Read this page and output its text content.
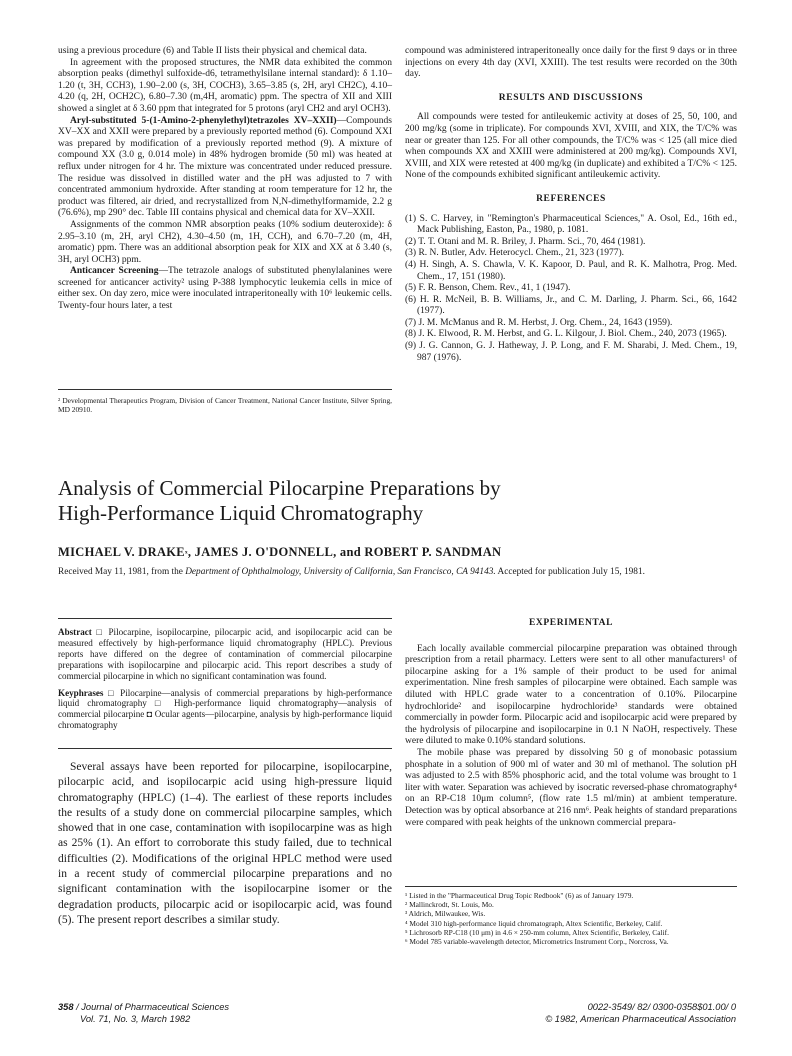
using a previous procedure (6) and Table II lists their physical and chemical data.

In agreement with the proposed structures, the NMR data exhibited the common absorption peaks (dimethyl sulfoxide-d6, tetramethylsilane internal standard): δ 1.10–1.20 (t, 3H, CCH3), 1.90–2.00 (s, 3H, COCH3), 3.65–3.85 (s, 2H, aryl CH2C), 4.10–4.20 (q, 2H, OCH2C), 6.80–7.30 (m,4H, aromatic) ppm. The spectra of XII and XIII showed a singlet at δ 3.60 ppm that integrated for 5 protons (aryl CH2 and aryl OCH3).

Aryl-substituted 5-(1-Amino-2-phenylethyl)tetrazoles XV–XXII)—Compounds XV–XX and XXII were prepared by a previously reported method (6). Compound XXI was prepared by modification of a previously reported method (9). A mixture of compound XX (3.0 g, 0.014 mole) in 48% hydrogen bromide (50 ml) was heated at reflux under nitrogen for 4 hr. The mixture was concentrated under reduced pressure. The residue was dissolved in distilled water and the pH was adjusted to 7 with concentrated ammonium hydroxide. After standing at room temperature for 12 hr, the product was filtered, air dried, and recrystallized from N,N-dimethylformamide, 2.2 g (76.6%), mp 290° dec. Table III contains physical and chemical data for XV–XXII.

Assignments of the common NMR absorption peaks (10% sodium deuteroxide): δ 2.95–3.10 (m, 2H, aryl CH2), 4.30–4.50 (m, 1H, CCH), and 6.70–7.20 (m, 4H, aromatic) ppm. There was an additional absorption peak for XIX and XX at δ 3.40 (s, 3H, aryl OCH3) ppm.

Anticancer Screening—The tetrazole analogs of substituted phenylalanines were screened for anticancer activity² using P-388 lymphocytic leukemia cells in mice of either sex. On day zero, mice were inoculated intraperitoneally with 10⁶ leukemic cells. Twenty-four hours later, a test

² Developmental Therapeutics Program, Division of Cancer Treatment, National Cancer Institute, Silver Spring, MD 20910.

compound was administered intraperitoneally once daily for the first 9 days or in three injections on every 4th day (XVI, XXIII). The test results were recorded on the 30th day.

RESULTS AND DISCUSSIONS

All compounds were tested for antileukemic activity at doses of 25, 50, 100, and 200 mg/kg (some in triplicate). For compounds XVI, XVIII, and XIX, the T/C% was near or greater than 125. For all other compounds, the T/C% was < 125 (all mice died when compounds XX and XXIII were administered at 200 mg/kg). Compounds XVI, XVIII, and XIX were retested at 400 mg/kg (in duplicate) and exhibited a T/C% < 125. None of the compounds exhibited significant antileukemic activity.

REFERENCES

(1) S. C. Harvey, in "Remington's Pharmaceutical Sciences," A. Osol, Ed., 16th ed., Mack Publishing, Easton, Pa., 1980, p. 1081.

(2) T. T. Otani and M. R. Briley, J. Pharm. Sci., 70, 464 (1981).

(3) R. N. Butler, Adv. Heterocycl. Chem., 21, 323 (1977).

(4) H. Singh, A. S. Chawla, V. K. Kapoor, D. Paul, and R. K. Malhotra, Prog. Med. Chem., 17, 151 (1980).

(5) F. R. Benson, Chem. Rev., 41, 1 (1947).

(6) H. R. McNeil, B. B. Williams, Jr., and C. M. Darling, J. Pharm. Sci., 66, 1642 (1977).

(7) J. M. McManus and R. M. Herbst, J. Org. Chem., 24, 1643 (1959).

(8) J. K. Elwood, R. M. Herbst, and G. L. Kilgour, J. Biol. Chem., 240, 2073 (1965).

(9) J. G. Cannon, G. J. Hatheway, J. P. Long, and F. M. Sharabi, J. Med. Chem., 19, 987 (1976).

Analysis of Commercial Pilocarpine Preparations by
High-Performance Liquid Chromatography
MICHAEL V. DRAKEˣ, JAMES J. O'DONNELL, and ROBERT P. SANDMAN
Received May 11, 1981, from the Department of Ophthalmology, University of California, San Francisco, CA 94143. Accepted for publication July 15, 1981.

Abstract □ Pilocarpine, isopilocarpine, pilocarpic acid, and isopilocarpic acid can be measured effectively by high-performance liquid chromatography (HPLC). Previous reports have differed on the degree of contamination of commercial pilocarpine preparations with isopilocarpine and pilocarpic acid. This report describes a study of commercial pilocarpine in which no significant contamination was found.

Keyphrases □ Pilocarpine—analysis of commercial preparations by high-performance liquid chromatography □ High-performance liquid chromatography—analysis of commercial pilocarpine ◘ Ocular agents—pilocarpine, analysis by high-performance liquid chromatography

Several assays have been reported for pilocarpine, isopilocarpine, pilocarpic acid, and isopilocarpic acid using high-pressure liquid chromatography (HPLC) (1–4). The earliest of these reports includes the results of a study done on commercial pilocarpine samples, which showed that in one case, contamination with isopilocarpine was as high as 25% (1). An effort to corroborate this study failed, due to technical difficulties (2). Modifications of the original HPLC method were used in a recent study of commercial pilocarpine preparations and no significant contamination with the isopilocarpine isomer or the degradation products, pilocarpic acid or isopilocarpic acid, was found (5). The present report describes a similar study.

EXPERIMENTAL

Each locally available commercial pilocarpine preparation was obtained through prescription from a retail pharmacy. Letters were sent to all other manufacturers¹ of pilocarpine asking for a 1% sample of their product to be used for animal experimentation. Nine fresh samples of pilocarpine were obtained. Each sample was diluted with HPLC grade water to a concentration of 0.10%. Pilocarpine hydrochloride² and isopilocarpine hydrochloride³ standards were obtained commercially in powder form. Pilocarpic acid and isopilocarpic acid were prepared by the hydrolysis of pilocarpine and isopilocarpine in 0.1 N NaOH, respectively. These were diluted to make 0.10% standard solutions.

The mobile phase was prepared by dissolving 50 g of monobasic potassium phosphate in a solution of 900 ml of water and 30 ml of methanol. The solution pH was adjusted to 2.5 with 85% phosphoric acid, and the total volume was brought to 1 liter with water. Separation was achieved by isocratic reversed-phase chromatography⁴ on an RP-C18 10μm column⁵, (flow rate 1.5 ml/min) at ambient temperature. Detection was by optical absorbance at 216 nm⁶. Peak heights of standard preparations were compared with peak heights of the unknown commercial prepara-

¹ Listed in the "Pharmaceutical Drug Topic Redbook" (6) as of January 1979.

² Mallinckrodt, St. Louis, Mo.

³ Aldrich, Milwaukee, Wis.

⁴ Model 310 high-performance liquid chromatograph, Altex Scientific, Berkeley, Calif.

⁵ Lichrosorb RP-C18 (10 μm) in 4.6 × 250-mm column, Altex Scientific, Berkeley, Calif.

⁶ Model 785 variable-wavelength detector, Micrometrics Instrument Corp., Norcross, Va.

358 / Journal of Pharmaceutical Sciences
Vol. 71, No. 3, March 1982
0022-3549/ 82/ 0300-0358$01.00/ 0
© 1982, American Pharmaceutical Association
